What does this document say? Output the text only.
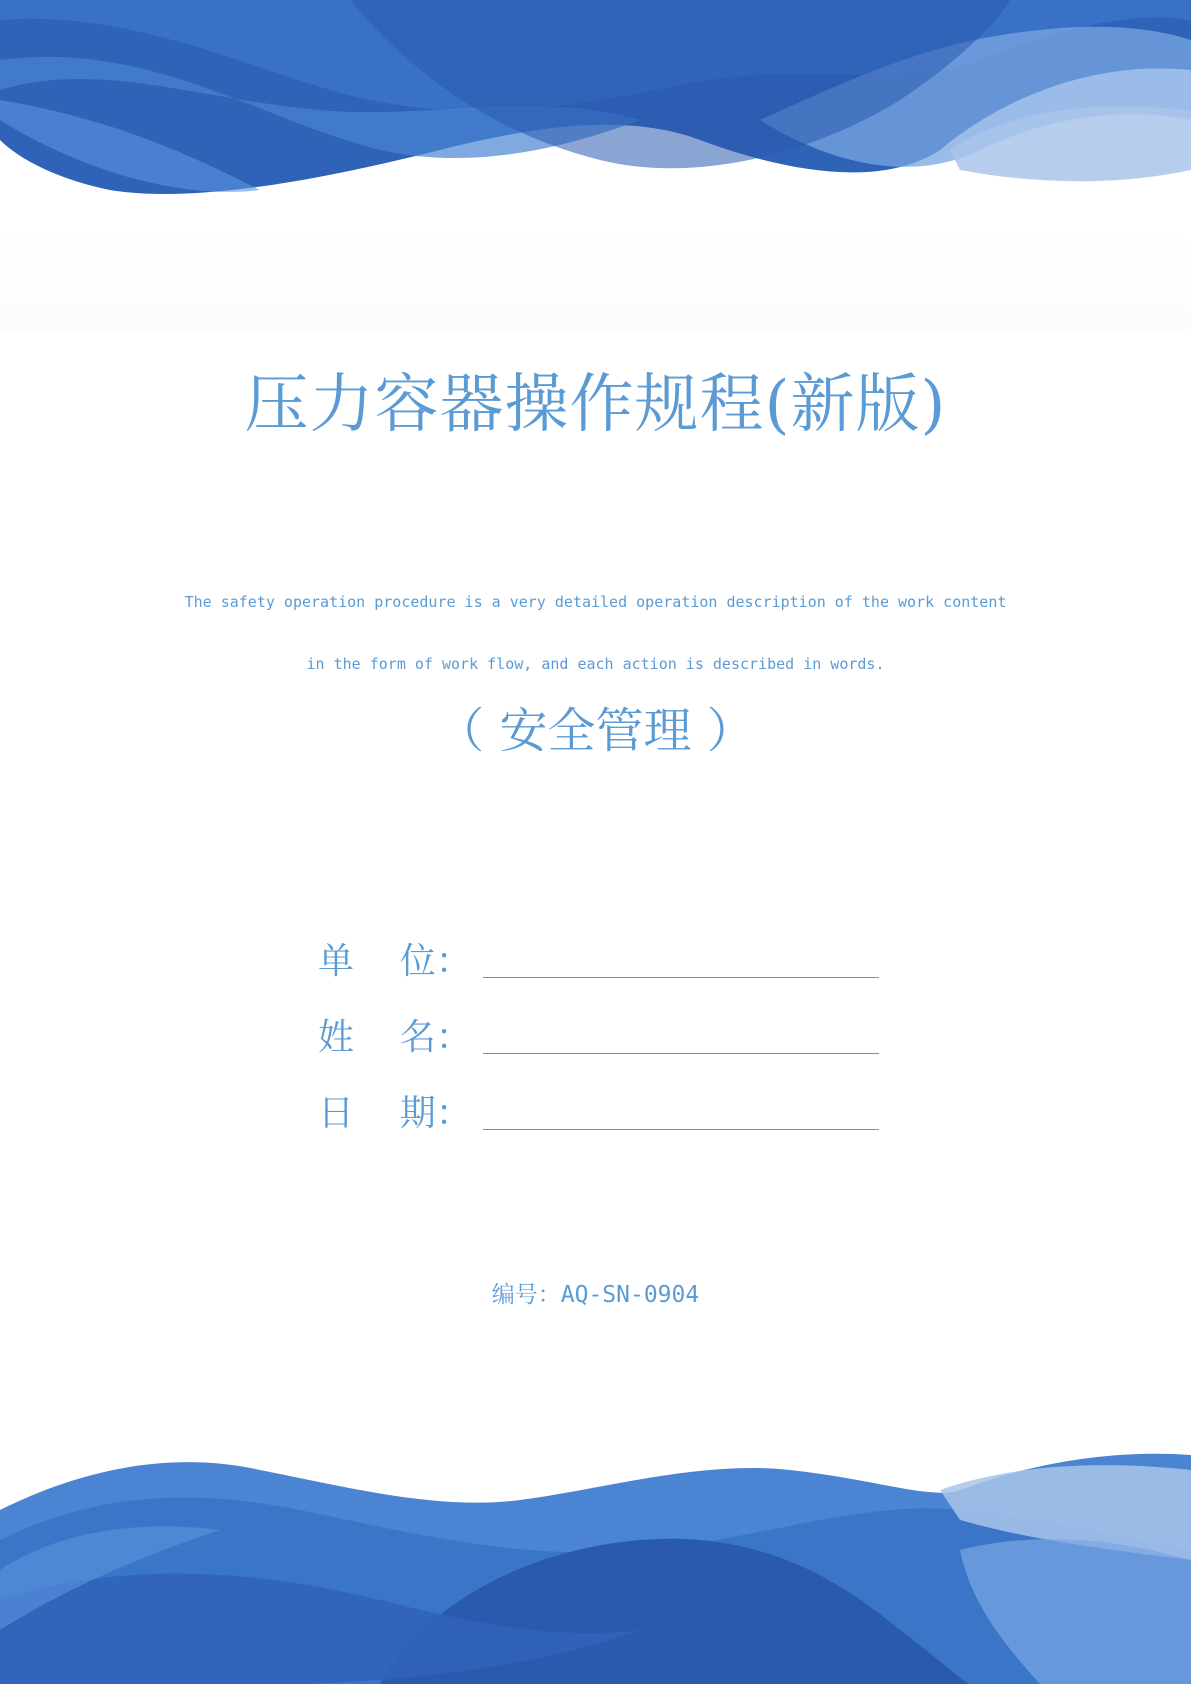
压力容器操作规程(新版)
The safety operation procedure is a very detailed operation description of the work content
in the form of work flow, and each action is described in words.
（ 安全管理 ）
单    位：
姓    名：
日    期：
编号：AQ-SN-0904
